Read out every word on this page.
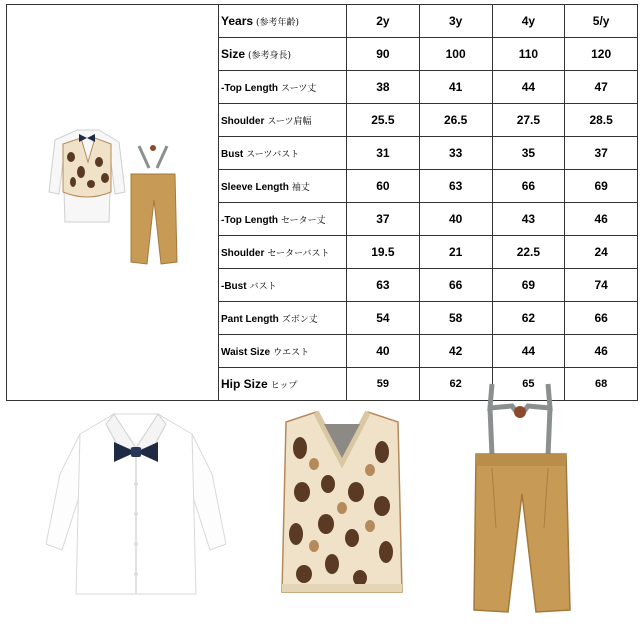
	Years (参考年齢)	2y	3y	4y	5/y
	Size (参考身長)	90	100	110	120
	-Top Length スーツ丈	38	41	44	47
	Shoulder スーツ肩幅	25.5	26.5	27.5	28.5
	Bust スーツバスト	31	33	35	37
	Sleeve Length 袖丈	60	63	66	69
	-Top Length セーター丈	37	40	43	46
	Shoulder セーターバスト	19.5	21	22.5	24
	-Bust バスト	63	66	69	74
	Pant Length ズボン丈	54	58	62	66
	Waist Size ウエスト	40	42	44	46
	Hip Size ヒップ	59	62	65	68
